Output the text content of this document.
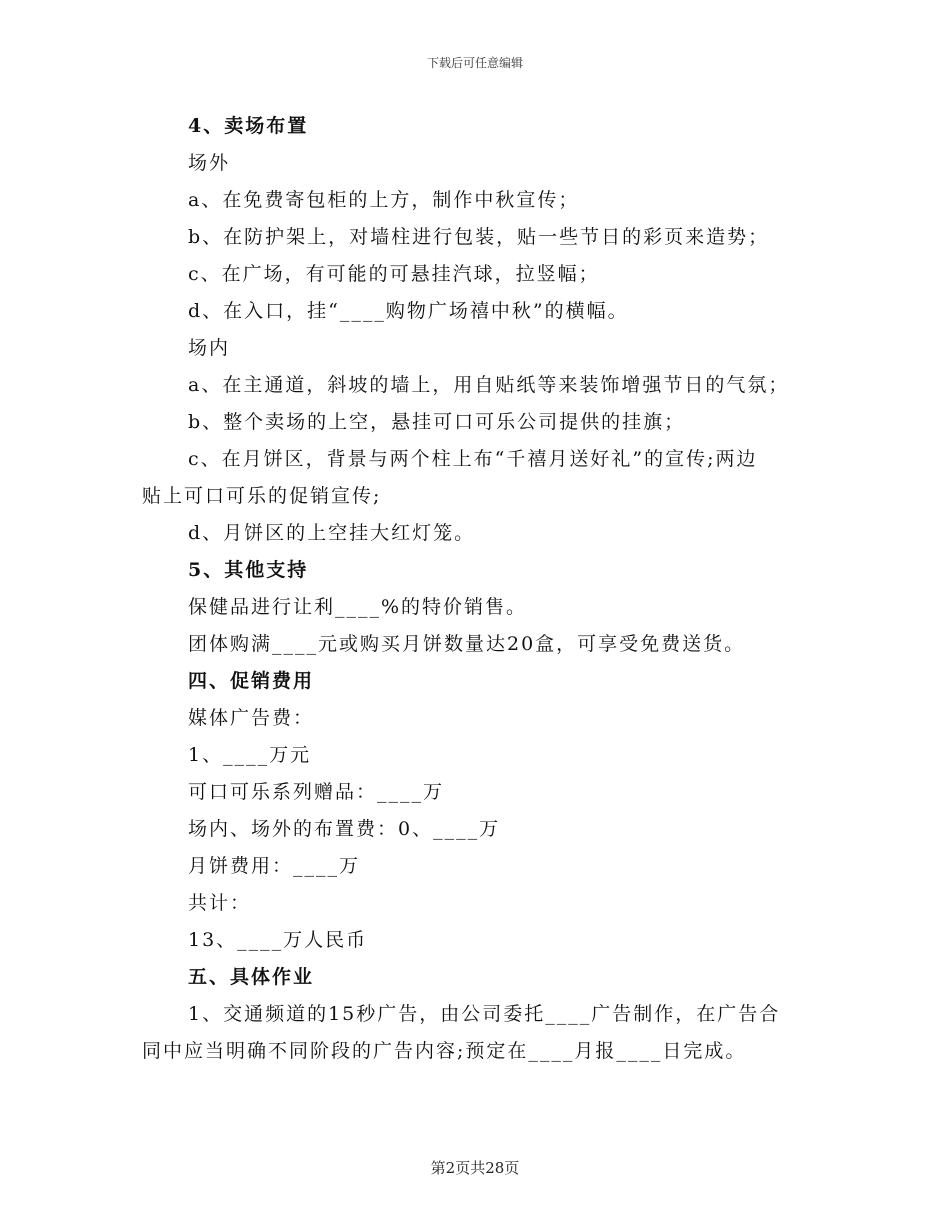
下载后可任意编辑

4、卖场布置

场外

a、在免费寄包柜的上方，制作中秋宣传；

b、在防护架上，对墙柱进行包装，贴一些节日的彩页来造势；

c、在广场，有可能的可悬挂汽球，拉竖幅；

d、在入口，挂“____购物广场禧中秋”的横幅。

场内

a、在主通道，斜坡的墙上，用自贴纸等来装饰增强节日的气氛；

b、整个卖场的上空，悬挂可口可乐公司提供的挂旗；

c、在月饼区，背景与两个柱上布“千禧月送好礼”的宣传;两边

贴上可口可乐的促销宣传;

d、月饼区的上空挂大红灯笼。

5、其他支持

保健品进行让利____%的特价销售。

团体购满____元或购买月饼数量达20盒，可享受免费送货。

四、促销费用

媒体广告费：

1、____万元

可口可乐系列赠品：____万

场内、场外的布置费：0、____万

月饼费用：____万

共计：

13、____万人民币

五、具体作业

1、交通频道的15秒广告，由公司委托____广告制作，在广告合

同中应当明确不同阶段的广告内容;预定在____月报____日完成。

第2页共28页
